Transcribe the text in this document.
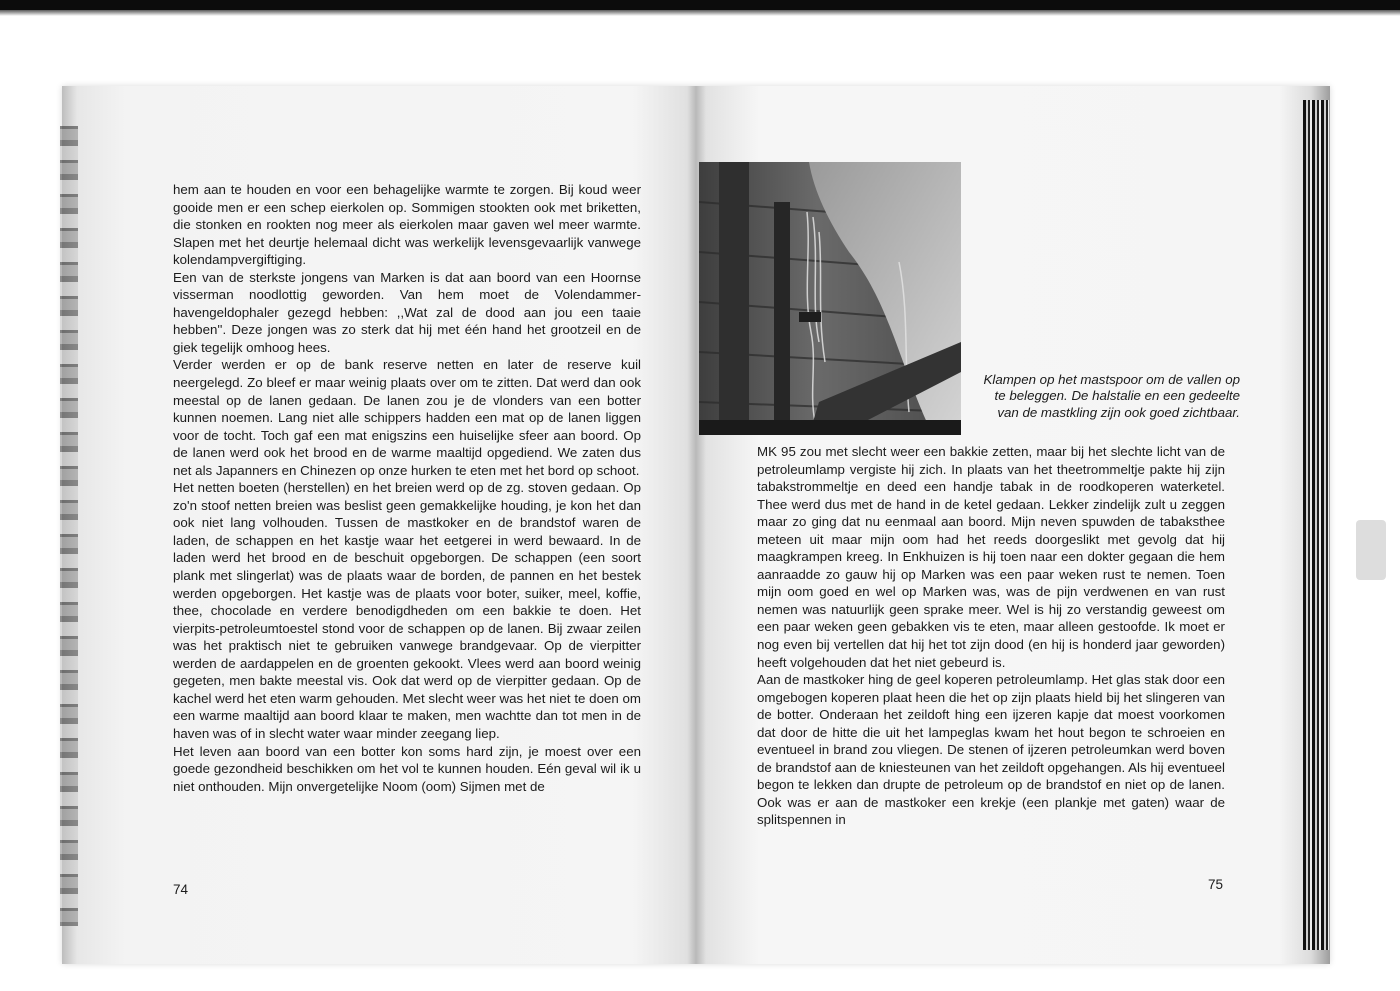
hem aan te houden en voor een behagelijke warmte te zorgen. Bij koud weer gooide men er een schep eierkolen op. Sommigen stookten ook met briketten, die stonken en rookten nog meer als eierkolen maar gaven wel meer warmte. Slapen met het deurtje helemaal dicht was werkelijk levensgevaarlijk vanwege kolendampvergiftiging.
Een van de sterkste jongens van Marken is dat aan boord van een Hoornse visserman noodlottig geworden. Van hem moet de Volendammer-havengeldophaler gezegd hebben: ,,Wat zal de dood aan jou een taaie hebben''. Deze jongen was zo sterk dat hij met één hand het grootzeil en de giek tegelijk omhoog hees.
Verder werden er op de bank reserve netten en later de reserve kuil neergelegd. Zo bleef er maar weinig plaats over om te zitten. Dat werd dan ook meestal op de lanen gedaan. De lanen zou je de vlonders van een botter kunnen noemen. Lang niet alle schippers hadden een mat op de lanen liggen voor de tocht. Toch gaf een mat enigszins een huiselijke sfeer aan boord. Op de lanen werd ook het brood en de warme maaltijd opgediend. We zaten dus net als Japanners en Chinezen op onze hurken te eten met het bord op schoot.
Het netten boeten (herstellen) en het breien werd op de zg. stoven gedaan. Op zo'n stoof netten breien was beslist geen gemakkelijke houding, je kon het dan ook niet lang volhouden. Tussen de mastkoker en de brandstof waren de laden, de schappen en het kastje waar het eetgerei in werd bewaard. In de laden werd het brood en de beschuit opgeborgen. De schappen (een soort plank met slingerlat) was de plaats waar de borden, de pannen en het bestek werden opgeborgen. Het kastje was de plaats voor boter, suiker, meel, koffie, thee, chocolade en verdere benodigdheden om een bakkie te doen. Het vierpits-petroleumtoestel stond voor de schappen op de lanen. Bij zwaar zeilen was het praktisch niet te gebruiken vanwege brandgevaar. Op de vierpitter werden de aardappelen en de groenten gekookt. Vlees werd aan boord weinig gegeten, men bakte meestal vis. Ook dat werd op de vierpitter gedaan. Op de kachel werd het eten warm gehouden. Met slecht weer was het niet te doen om een warme maaltijd aan boord klaar te maken, men wachtte dan tot men in de haven was of in slecht water waar minder zeegang liep.
Het leven aan boord van een botter kon soms hard zijn, je moest over een goede gezondheid beschikken om het vol te kunnen houden. Eén geval wil ik u niet onthouden. Mijn onvergetelijke Noom (oom) Sijmen met de

74

Klampen op het mastspoor om de vallen op te beleggen. De halstalie en een gedeelte van de mastkling zijn ook goed zichtbaar.

MK 95 zou met slecht weer een bakkie zetten, maar bij het slechte licht van de petroleumlamp vergiste hij zich. In plaats van het theetrommeltje pakte hij zijn tabakstrommeltje en deed een handje tabak in de roodkoperen waterketel. Thee werd dus met de hand in de ketel gedaan. Lekker zindelijk zult u zeggen maar zo ging dat nu eenmaal aan boord. Mijn neven spuwden de tabaksthee meteen uit maar mijn oom had het reeds doorgeslikt met gevolg dat hij maagkrampen kreeg. In Enkhuizen is hij toen naar een dokter gegaan die hem aanraadde zo gauw hij op Marken was een paar weken rust te nemen. Toen mijn oom goed en wel op Marken was, was de pijn verdwenen en van rust nemen was natuurlijk geen sprake meer. Wel is hij zo verstandig geweest om een paar weken geen gebakken vis te eten, maar alleen gestoofde. Ik moet er nog even bij vertellen dat hij het tot zijn dood (en hij is honderd jaar geworden) heeft volgehouden dat het niet gebeurd is.
Aan de mastkoker hing de geel koperen petroleumlamp. Het glas stak door een omgebogen koperen plaat heen die het op zijn plaats hield bij het slingeren van de botter. Onderaan het zeildoft hing een ijzeren kapje dat moest voorkomen dat door de hitte die uit het lampeglas kwam het hout begon te schroeien en eventueel in brand zou vliegen. De stenen of ijzeren petroleumkan werd boven de brandstof aan de kniesteunen van het zeildoft opgehangen. Als hij eventueel begon te lekken dan drupte de petroleum op de brandstof en niet op de lanen. Ook was er aan de mastkoker een krekje (een plankje met gaten) waar de splitspennen in

75
